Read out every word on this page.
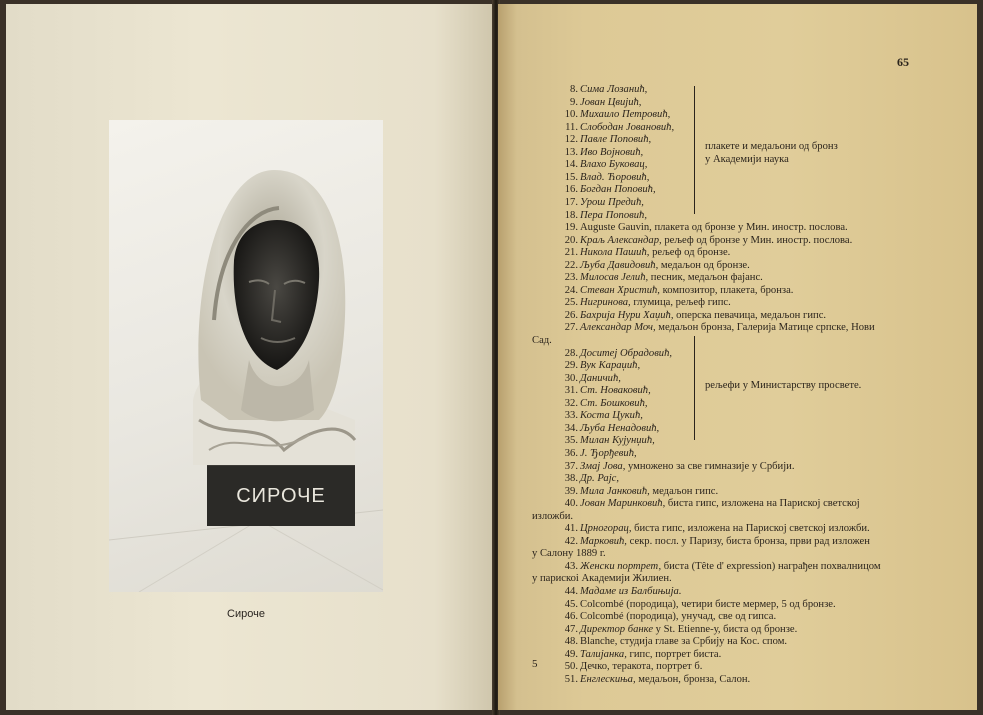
СИРОЧЕ
Сироче
65
8. Сима Лозанић,
9. Јован Цвијић,
10. Михаило Петровић,
11. Слободан Јовановић,
12. Павле Поповић,
13. Иво Војновић,
14. Влахо Буковац,
15. Влад. Ћоровић,
16. Богдан Поповић,
17. Урош Предић,
18. Пера Поповић,
19. Auguste Gauvin, плакета од бронзе у Мин. иностр. послова.
20. Краљ Александар, рељеф од бронзе у Мин. иностр. послова.
21. Никола Пашић, рељеф од бронзе.
22. Љуба Давидовић, медаљон од бронзе.
23. Милосав Јелић, песник, медаљон фајанс.
24. Стеван Христић, композитор, плакета, бронза.
25. Нигринова, глумица, рељеф гипс.
26. Бахрија Нури Хаџић, оперска певачица, медаљон гипс.
27. Александар Моч, медаљон бронза, Галерија Матице српске, Нови
Сад.
28. Доситеј Обрадовић,
29. Вук Караџић,
30. Даничић,
31. Ст. Новаковић,
32. Ст. Бошковић,
33. Коста Цукић,
34. Љуба Ненадовић,
35. Милан Кујунџић,
36. J. Ђорђевић,
37. Змај Јова, умножено за све гимназије у Србији.
38. Др. Рајс,
39. Мила Јанковић, медаљон гипс.
40. Јован Маринковић, биста гипс, изложена на Париској светској
изложби.
41. Црногорац, биста гипс, изложена на Париској светској изложби.
42. Марковић, секр. посл. у Паризу, биста бронза, први рад изложен
у Салону 1889 г.
43. Женски портрет, биста (Tête d' expression) награђен похвалницом
у парискоі Академији Жилиен.
44. Мадаме из Балбињија.
45. Colcombé (породица), четири бисте мермер, 5 од бронзе.
46. Colcombé (породица), унучад, све од гипса.
47. Директор банке у St. Etienne-у, биста од бронзе.
48. Blanche, студија главе за Србију на Кос. спом.
49. Талијанка, гипс, портрет биста.
50. Дечко, теракота, портрет б.
51. Енглескиња, медаљон, бронза, Салон.
плакете и медаљони од бронз
у Академији наука
рељефи у Министарству просвете.
5
